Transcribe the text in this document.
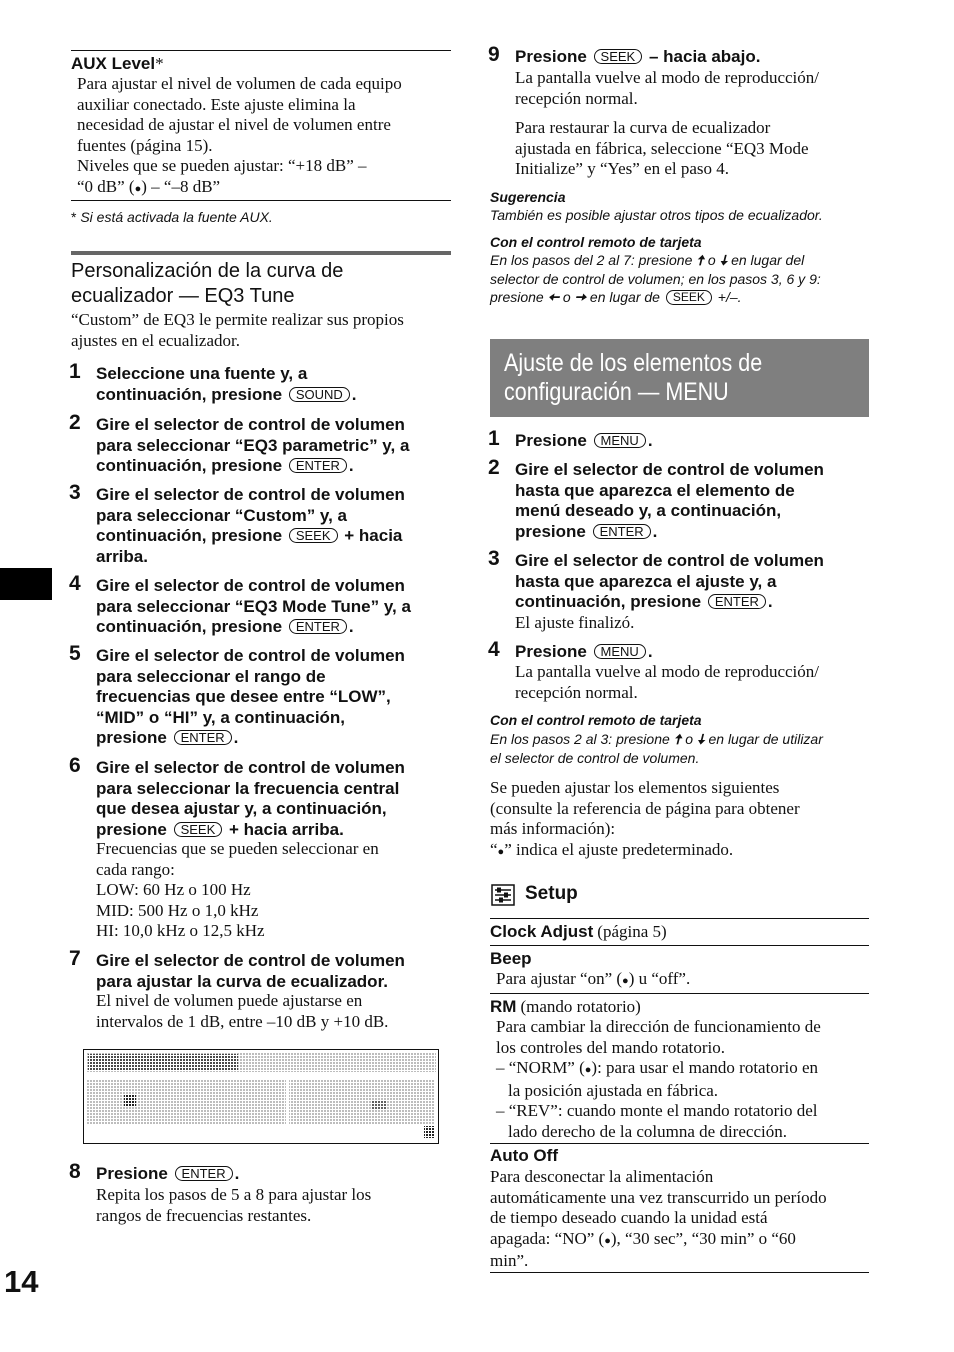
14
AUX Level*
Para ajustar el nivel de volumen de cada equipo
auxiliar conectado. Este ajuste elimina la
necesidad de ajustar el nivel de volumen entre
fuentes (página 15).
Niveles que se pueden ajustar: “+18 dB” –
“0 dB” (●) – “–8 dB”
* Si está activada la fuente AUX.
Personalización de la curva de
ecualizador — EQ3 Tune
“Custom” de EQ3 le permite realizar sus propios
ajustes en el ecualizador.
1 Seleccione una fuente y, a
continuación, presione SOUND .
2 Gire el selector de control de volumen
para seleccionar “EQ3 parametric” y, a
continuación, presione ENTER .
3 Gire el selector de control de volumen
para seleccionar “Custom” y, a
continuación, presione SEEK + hacia
arriba.
4 Gire el selector de control de volumen
para seleccionar “EQ3 Mode Tune” y, a
continuación, presione ENTER .
5 Gire el selector de control de volumen
para seleccionar el rango de
frecuencias que desee entre “LOW”,
“MID” o “HI” y, a continuación,
presione ENTER .
6 Gire el selector de control de volumen
para seleccionar la frecuencia central
que desea ajustar y, a continuación,
presione SEEK + hacia arriba.
Frecuencias que se pueden seleccionar en
cada rango:
LOW: 60 Hz o 100 Hz
MID: 500 Hz o 1,0 kHz
HI: 10,0 kHz o 12,5 kHz
7 Gire el selector de control de volumen
para ajustar la curva de ecualizador.
El nivel de volumen puede ajustarse en
intervalos de 1 dB, entre –10 dB y +10 dB.
8 Presione ENTER .
Repita los pasos de 5 a 8 para ajustar los
rangos de frecuencias restantes.
9 Presione SEEK – hacia abajo.
La pantalla vuelve al modo de reproducción/
recepción normal.
Para restaurar la curva de ecualizador
ajustada en fábrica, seleccione “EQ3 Mode
Initialize” y “Yes” en el paso 4.
Sugerencia
También es posible ajustar otros tipos de ecualizador.
Con el control remoto de tarjeta
En los pasos del 2 al 7: presione 🠅 o 🠇 en lugar del
selector de control de volumen; en los pasos 3, 6 y 9:
presione 🠄 o 🠆 en lugar de SEEK +/–.
Ajuste de los elementos de
configuración — MENU
1 Presione MENU .
2 Gire el selector de control de volumen
hasta que aparezca el elemento de
menú deseado y, a continuación,
presione ENTER .
3 Gire el selector de control de volumen
hasta que aparezca el ajuste y, a
continuación, presione ENTER .
El ajuste finalizó.
4 Presione MENU .
La pantalla vuelve al modo de reproducción/
recepción normal.
Con el control remoto de tarjeta
En los pasos 2 al 3: presione 🠅 o 🠇 en lugar de utilizar
el selector de control de volumen.
Se pueden ajustar los elementos siguientes
(consulte la referencia de página para obtener
más información):
“●” indica el ajuste predeterminado.
Setup
Clock Adjust (página 5)
Beep
Para ajustar “on” (●) u “off”.
RM (mando rotatorio)
Para cambiar la dirección de funcionamiento de
los controles del mando rotatorio.
– “NORM” (●): para usar el mando rotatorio en
la posición ajustada en fábrica.
– “REV”: cuando monte el mando rotatorio del
lado derecho de la columna de dirección.
Auto Off
Para desconectar la alimentación
automáticamente una vez transcurrido un período
de tiempo deseado cuando la unidad está
apagada: “NO” (●), “30 sec”, “30 min” o “60
min”.
